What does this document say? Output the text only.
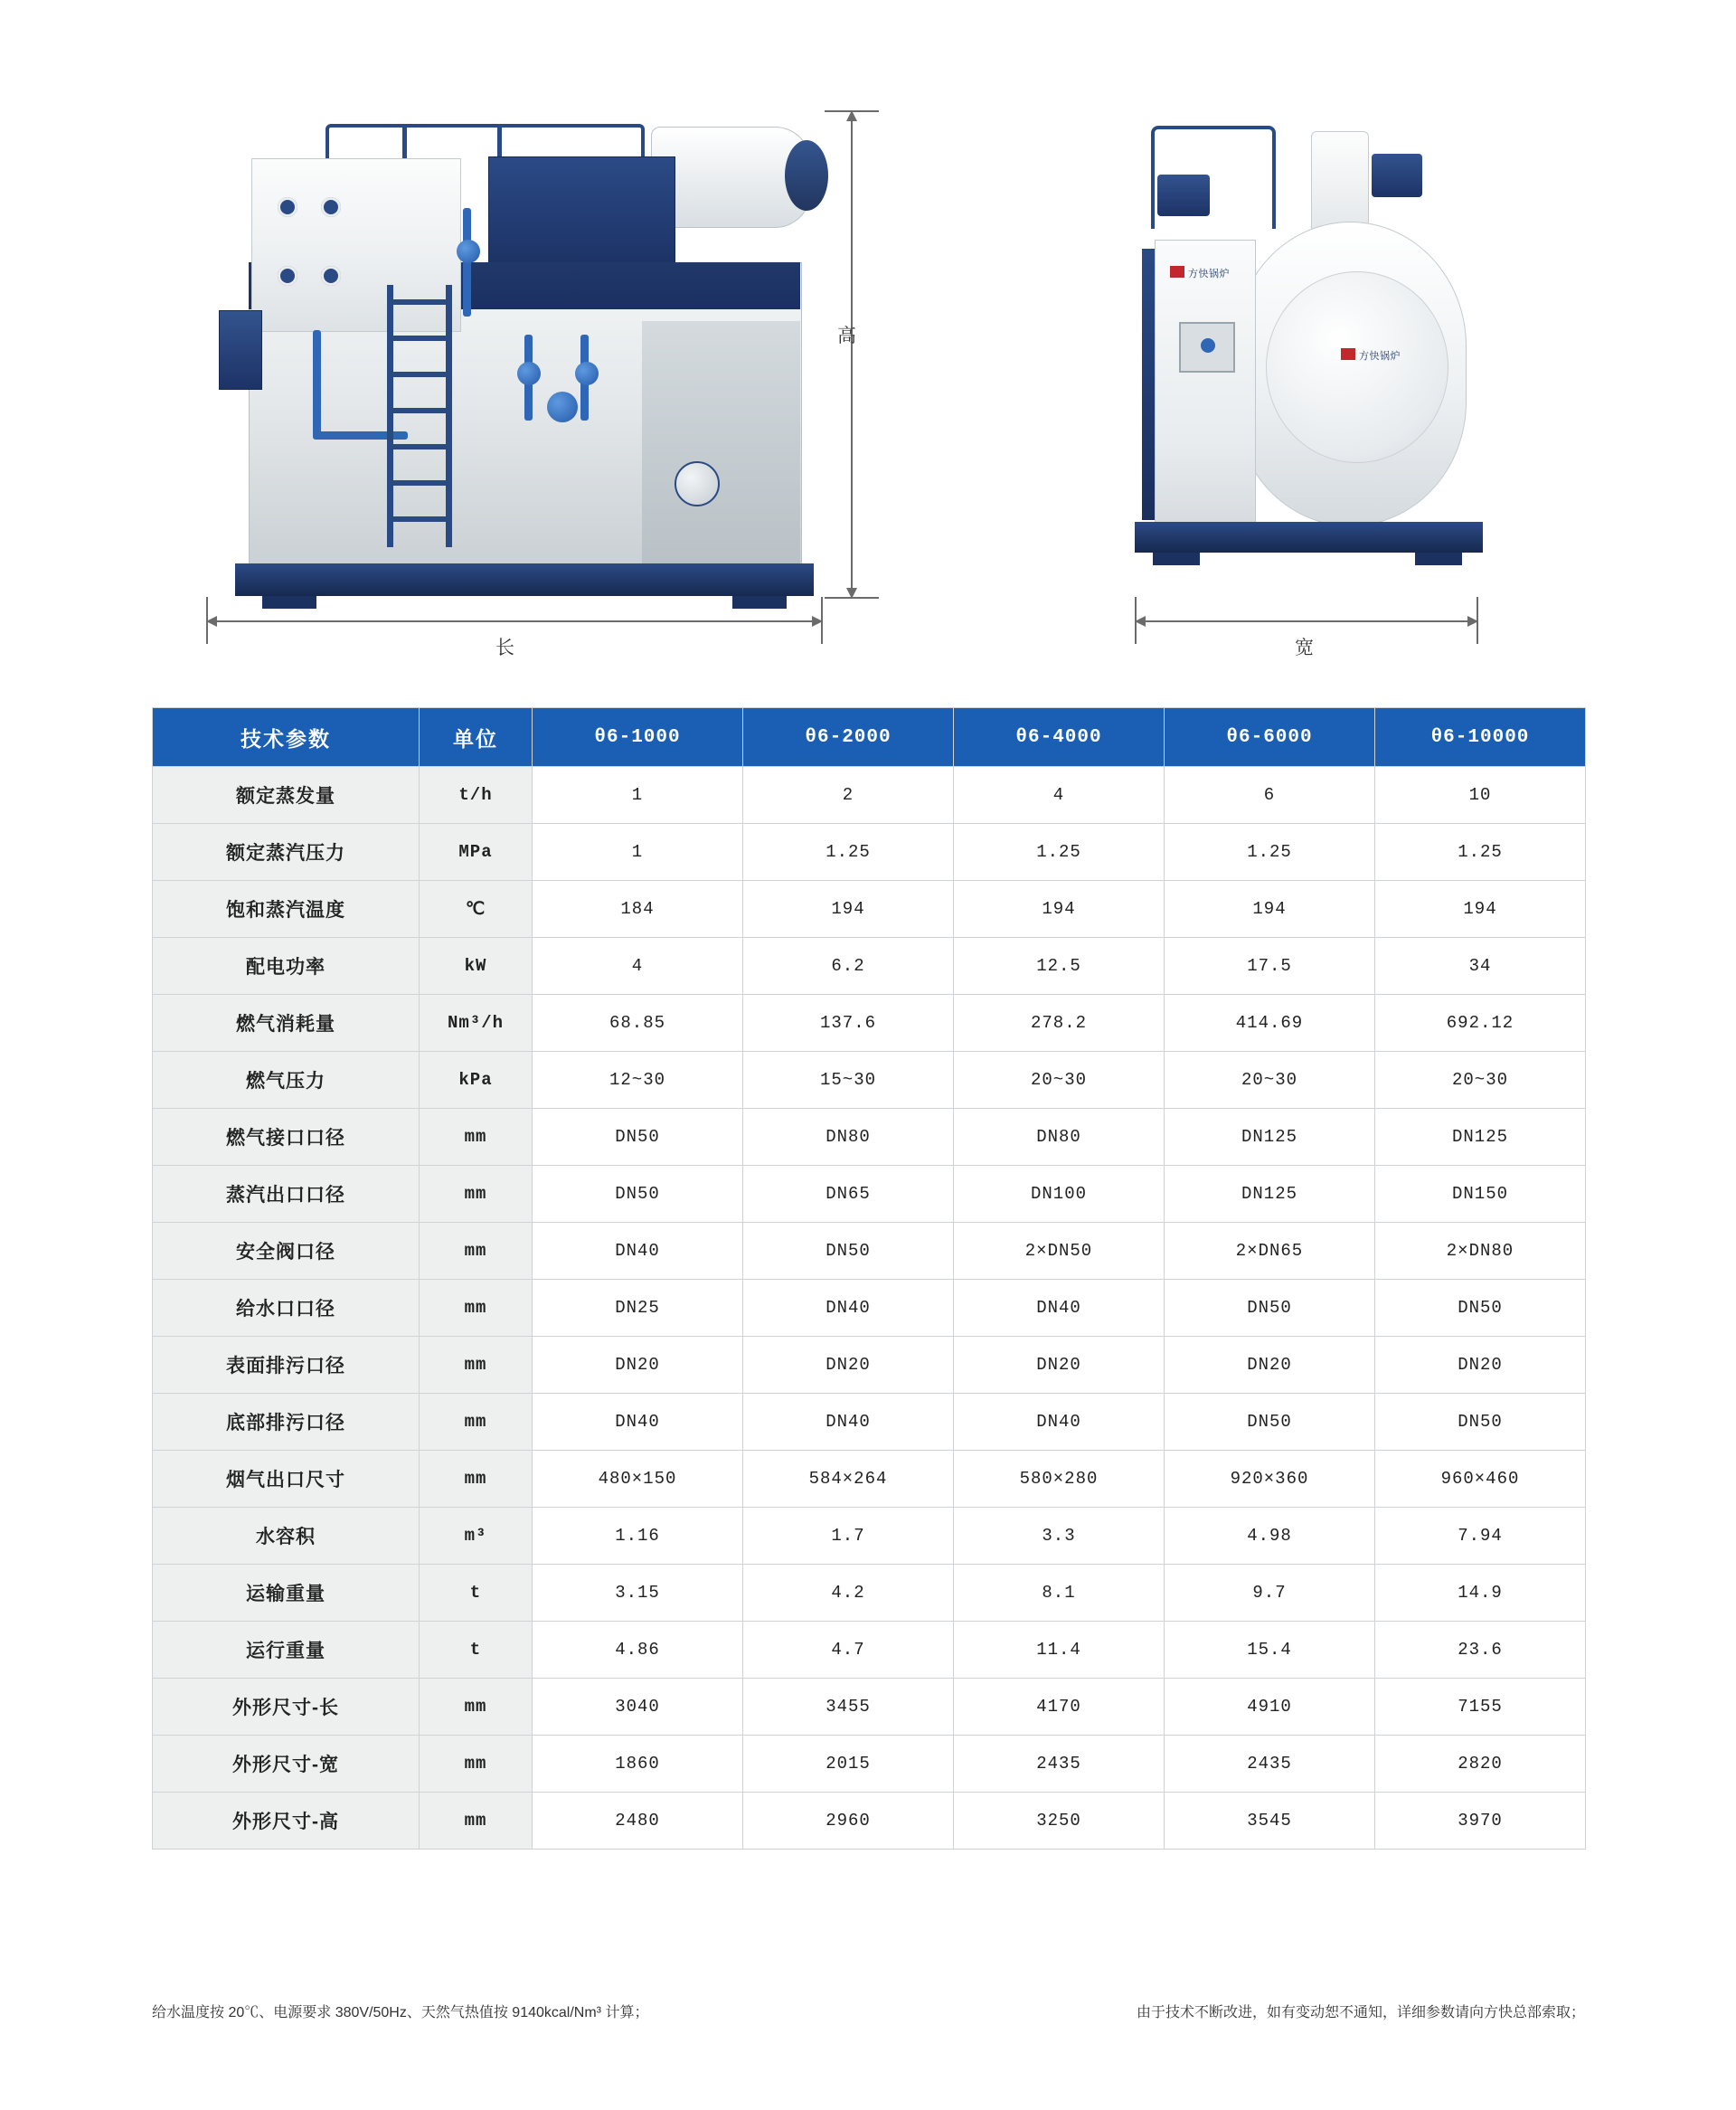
方快锅炉
方快锅炉
高
长	宽
技术参数	单位	θ6-1000	θ6-2000	θ6-4000	θ6-6000	θ6-10000
额定蒸发量	t/h	1	2	4	6	10
额定蒸汽压力	MPa	1	1.25	1.25	1.25	1.25
饱和蒸汽温度	℃	184	194	194	194	194
配电功率	kW	4	6.2	12.5	17.5	34
燃气消耗量	Nm³/h	68.85	137.6	278.2	414.69	692.12
燃气压力	kPa	12~30	15~30	20~30	20~30	20~30
燃气接口口径	mm	DN50	DN80	DN80	DN125	DN125
蒸汽出口口径	mm	DN50	DN65	DN100	DN125	DN150
安全阀口径	mm	DN40	DN50	2×DN50	2×DN65	2×DN80
给水口口径	mm	DN25	DN40	DN40	DN50	DN50
表面排污口径	mm	DN20	DN20	DN20	DN20	DN20
底部排污口径	mm	DN40	DN40	DN40	DN50	DN50
烟气出口尺寸	mm	480×150	584×264	580×280	920×360	960×460
水容积	m³	1.16	1.7	3.3	4.98	7.94
运输重量	t	3.15	4.2	8.1	9.7	14.9
运行重量	t	4.86	4.7	11.4	15.4	23.6
外形尺寸-长	mm	3040	3455	4170	4910	7155
外形尺寸-宽	mm	1860	2015	2435	2435	2820
外形尺寸-高	mm	2480	2960	3250	3545	3970
给水温度按 20℃、电源要求 380V/50Hz、天然气热值按 9140kcal/Nm³ 计算；	由于技术不断改进，如有变动恕不通知，详细参数请向方快总部索取；
